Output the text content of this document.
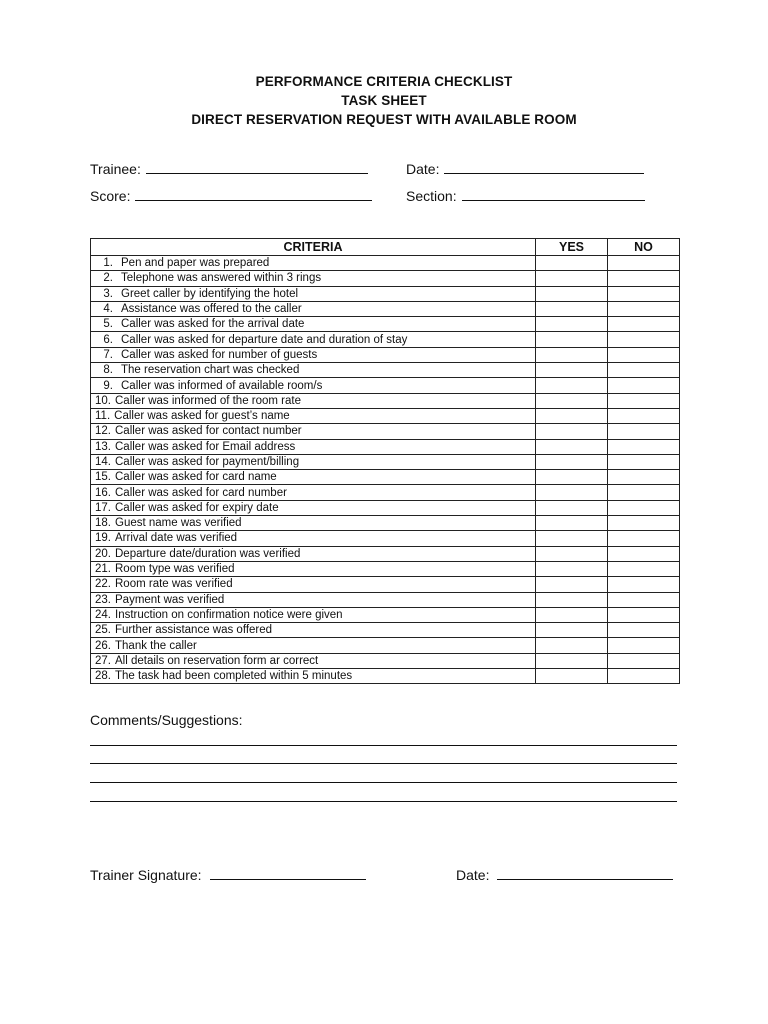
PERFORMANCE CRITERIA CHECKLIST
TASK SHEET
DIRECT RESERVATION REQUEST WITH AVAILABLE ROOM
Trainee:	Date:
Score:	Section:
CRITERIA	YES	NO
1. Pen and paper was prepared		
2. Telephone was answered within 3 rings		
3. Greet caller by identifying the hotel		
4. Assistance was offered to the caller		
5. Caller was asked for the arrival date		
6. Caller was asked for departure date and duration of stay		
7. Caller was asked for number of guests		
8. The reservation chart was checked		
9. Caller was informed of available room/s		
10. Caller was informed of the room rate		
11. Caller was asked for guest’s name		
12. Caller was asked for contact number		
13. Caller was asked for Email address		
14. Caller was asked for payment/billing		
15. Caller was asked for card name		
16. Caller was asked for card number		
17. Caller was asked for expiry date		
18. Guest name was verified		
19. Arrival date was verified		
20. Departure date/duration was verified		
21. Room type was verified		
22. Room rate was verified		
23. Payment was verified		
24. Instruction on confirmation notice were given		
25. Further assistance was offered		
26. Thank the caller		
27. All details on reservation form ar correct		
28. The task had been completed within 5 minutes		
Comments/Suggestions:
Trainer Signature:	Date:
